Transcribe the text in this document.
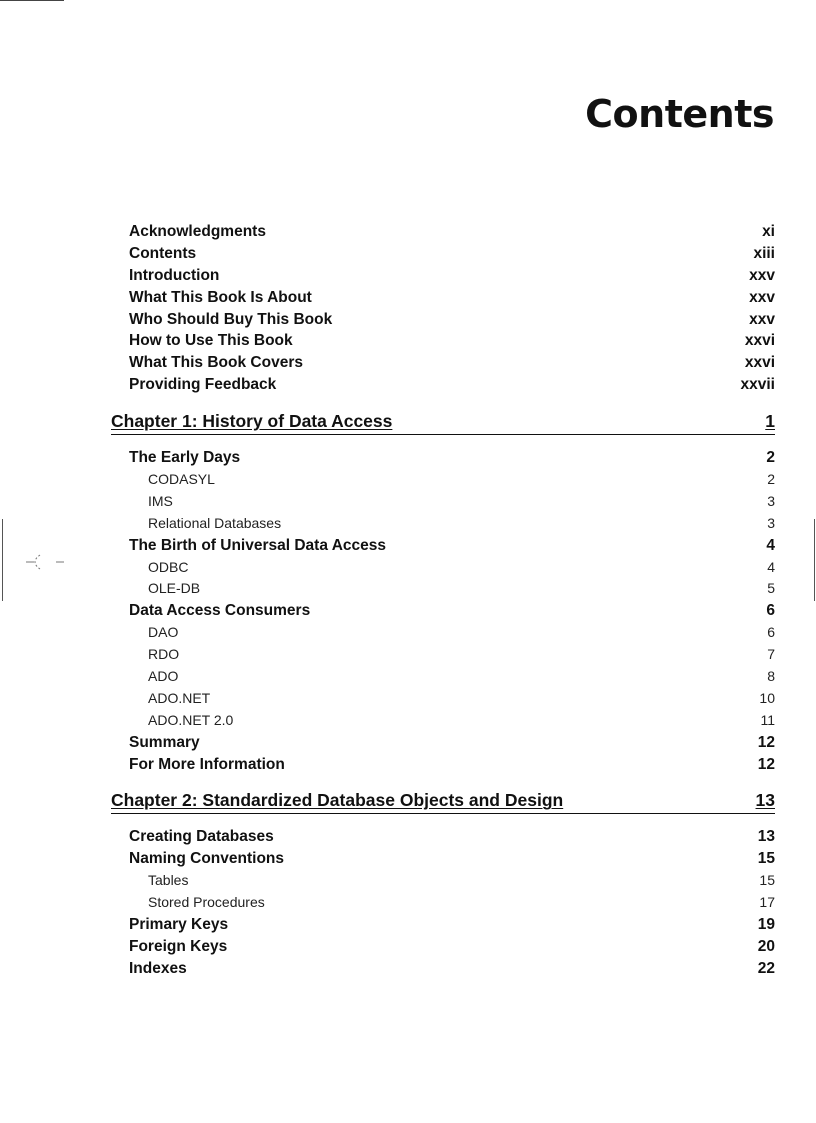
Contents
Acknowledgments	xi
Contents	xiii
Introduction	xxv
What This Book Is About	xxv
Who Should Buy This Book	xxv
How to Use This Book	xxvi
What This Book Covers	xxvi
Providing Feedback	xxvii
Chapter 1: History of Data Access	1
The Early Days	2
CODASYL	2
IMS	3
Relational Databases	3
The Birth of Universal Data Access	4
ODBC	4
OLE-DB	5
Data Access Consumers	6
DAO	6
RDO	7
ADO	8
ADO.NET	10
ADO.NET 2.0	11
Summary	12
For More Information	12
Chapter 2: Standardized Database Objects and Design	13
Creating Databases	13
Naming Conventions	15
Tables	15
Stored Procedures	17
Primary Keys	19
Foreign Keys	20
Indexes	22
